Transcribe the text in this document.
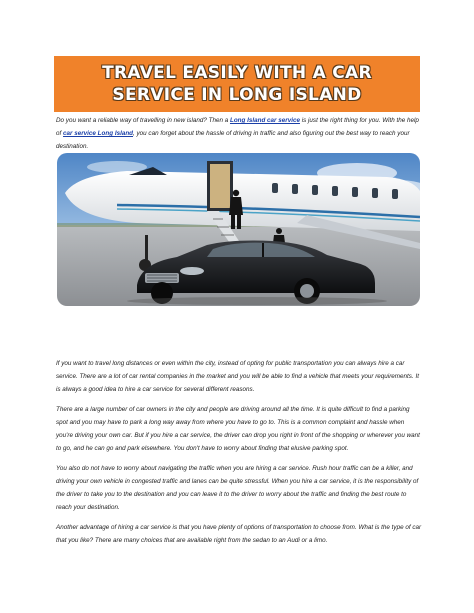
TRAVEL EASILY WITH A CAR SERVICE IN LONG ISLAND

Do you want a reliable way of travelling in new island? Then a Long Island car service is just the right thing for you. With the help of car service Long Island, you can forget about the hassle of driving in traffic and also figuring out the best way to reach your destination.

If you want to travel long distances or even within the city, instead of opting for public transportation you can always hire a car service. There are a lot of car rental companies in the market and you will be able to find a vehicle that meets your requirements. It is always a good idea to hire a car service for several different reasons.

There are a large number of car owners in the city and people are driving around all the time. It is quite difficult to find a parking spot and you may have to park a long way away from where you have to go to. This is a common complaint and hassle when you're driving your own car. But if you hire a car service, the driver can drop you right in front of the shopping or wherever you want to go, and he can go and park elsewhere. You don't have to worry about finding that elusive parking spot.

You also do not have to worry about navigating the traffic when you are hiring a car service. Rush hour traffic can be a killer, and driving your own vehicle in congested traffic and lanes can be quite stressful. When you hire a car service, it is the responsibility of the driver to take you to the destination and you can leave it to the driver to worry about the traffic and finding the best route to reach your destination.

Another advantage of hiring a car service is that you have plenty of options of transportation to choose from. What is the type of car that you like? There are many choices that are available right from the sedan to an Audi or a limo.
